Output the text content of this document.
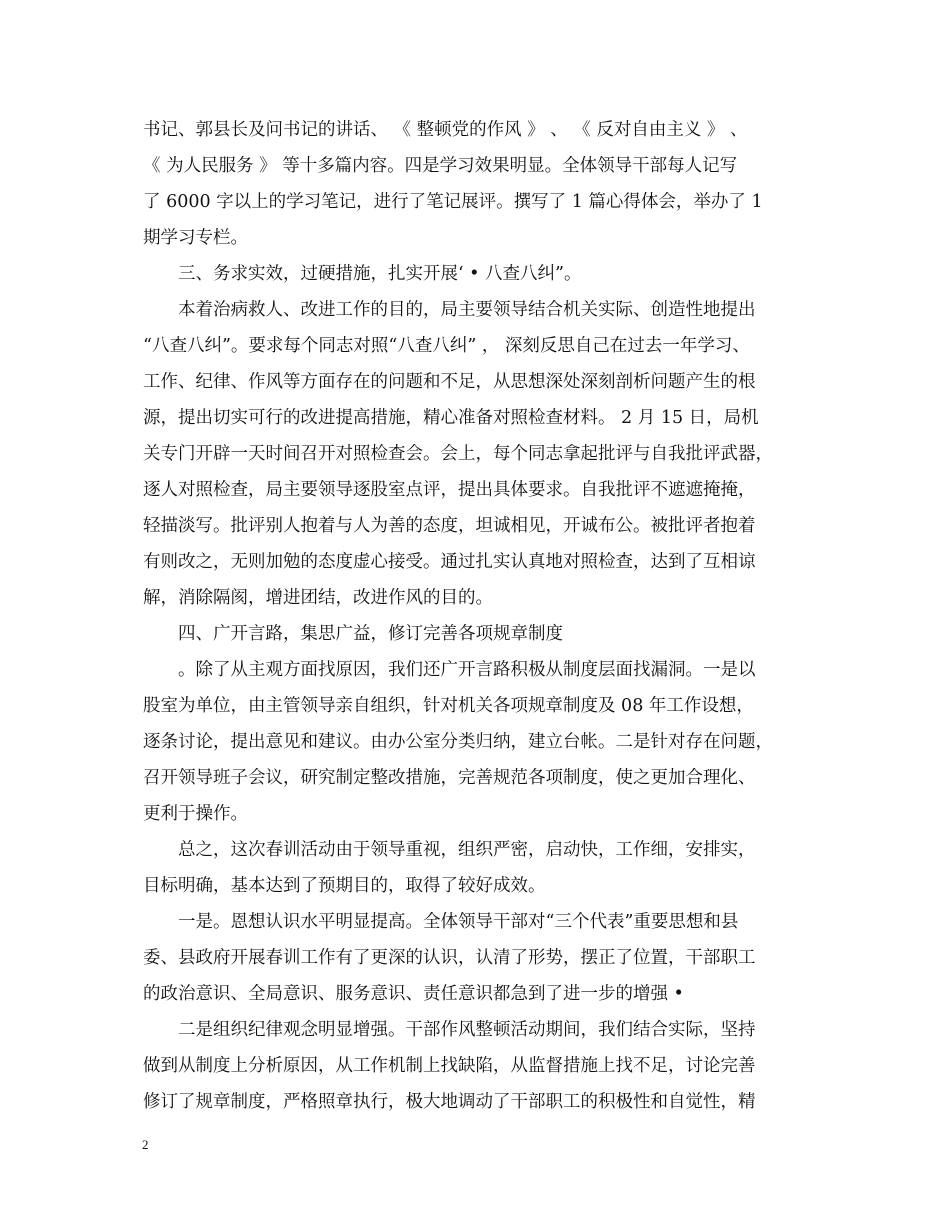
书记、郭县长及问书记的讲话、 《 整顿党的作风 》 、 《 反对自由主义 》 、
《 为人民服务 》 等十多篇内容。四是学习效果明显。全体领导干部每人记写
了 6000 字以上的学习笔记，进行了笔记展评。撰写了 1 篇心得体会，举办了 1
期学习专栏。
三、务求实效，过硬措施，扎实开展‘ • 八查八纠”。
本着治病救人、改进工作的目的，局主要领导结合机关实际、创造性地提出
“八查八纠”。要求每个同志对照“八查八纠” ， 深刻反思自己在过去一年学习、
工作、纪律、作风等方面存在的问题和不足，从思想深处深刻剖析问题产生的根
源，提出切实可行的改进提高措施，精心准备对照检查材料。 2 月 15 日，局机
关专门开辟一天时间召开对照检查会。会上，每个同志拿起批评与自我批评武器，
逐人对照检查，局主要领导逐股室点评，提出具体要求。自我批评不遮遮掩掩，
轻描淡写。批评别人抱着与人为善的态度，坦诚相见，开诚布公。被批评者抱着
有则改之，无则加勉的态度虚心接受。通过扎实认真地对照检查，达到了互相谅
解，消除隔阂，增进团结，改进作风的目的。
四、广开言路，集思广益，修订完善各项规章制度
。除了从主观方面找原因，我们还广开言路积极从制度层面找漏洞。一是以
股室为单位，由主管领导亲自组织，针对机关各项规章制度及 08 年工作设想，
逐条讨论，提出意见和建议。由办公室分类归纳，建立台帐。二是针对存在问题，
召开领导班子会议，研究制定整改措施，完善规范各项制度，使之更加合理化、
更利于操作。
总之，这次春训活动由于领导重视，组织严密，启动快，工作细，安排实，
目标明确，基本达到了预期目的，取得了较好成效。
一是。恩想认识水平明显提高。全体领导干部对“三个代表”重要思想和县
委、县政府开展春训工作有了更深的认识，认清了形势，摆正了位置，干部职工
的政治意识、全局意识、服务意识、责任意识都急到了进一步的增强 •
二是组织纪律观念明显增强。干部作风整顿活动期间，我们结合实际，坚持
做到从制度上分析原因，从工作机制上找缺陷，从监督措施上找不足，讨论完善
修订了规章制度，严格照章执行，极大地调动了干部职工的积极性和自觉性，精
2
